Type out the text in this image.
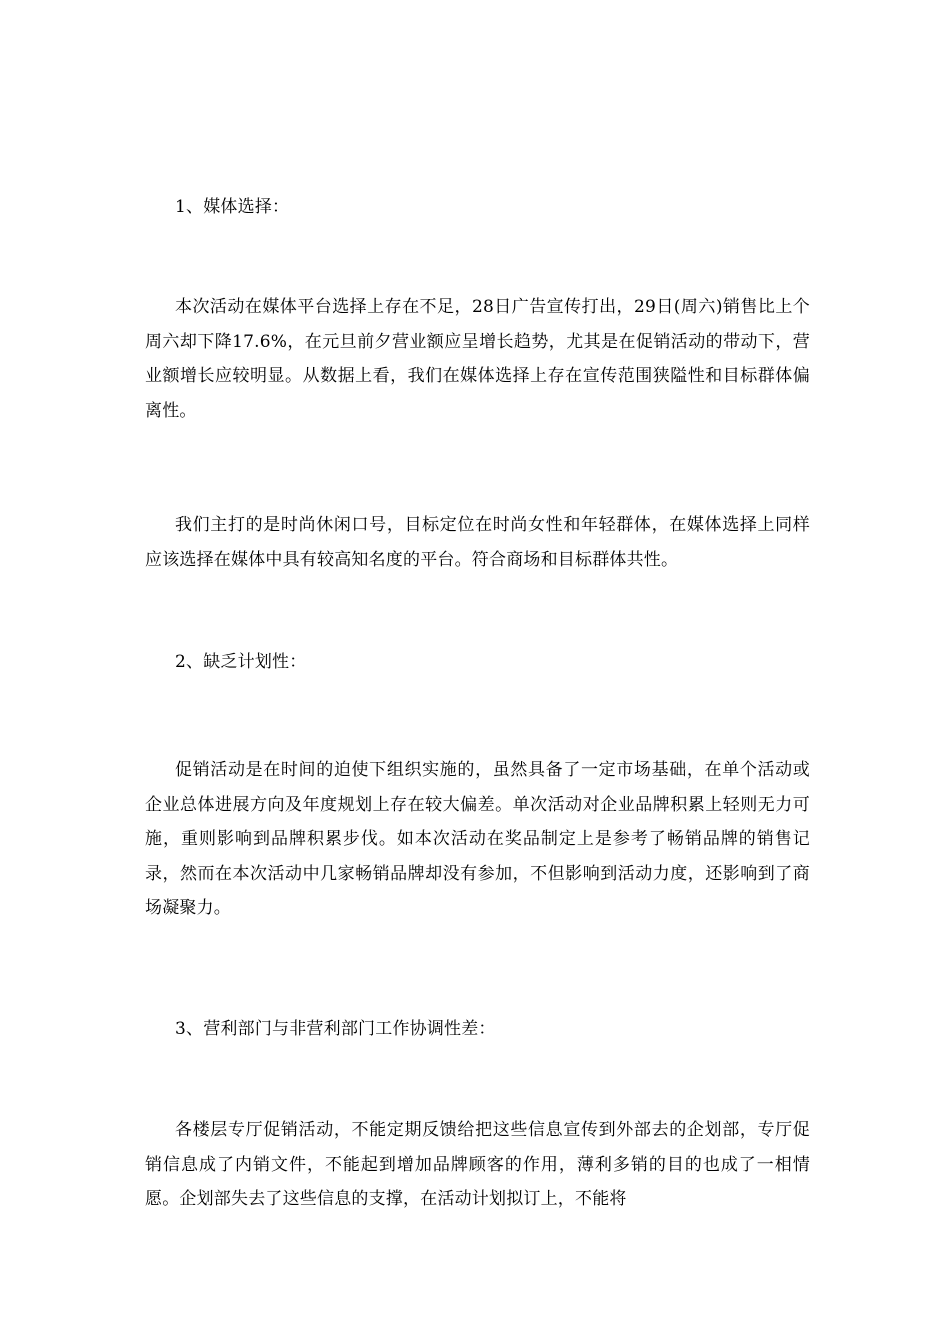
1、媒体选择：

本次活动在媒体平台选择上存在不足，28日广告宣传打出，29日(周六)销售比上个周六却下降17.6%，在元旦前夕营业额应呈增长趋势，尤其是在促销活动的带动下，营业额增长应较明显。从数据上看，我们在媒体选择上存在宣传范围狭隘性和目标群体偏离性。

我们主打的是时尚休闲口号，目标定位在时尚女性和年轻群体，在媒体选择上同样应该选择在媒体中具有较高知名度的平台。符合商场和目标群体共性。

2、缺乏计划性：

促销活动是在时间的迫使下组织实施的，虽然具备了一定市场基础，在单个活动或企业总体进展方向及年度规划上存在较大偏差。单次活动对企业品牌积累上轻则无力可施，重则影响到品牌积累步伐。如本次活动在奖品制定上是参考了畅销品牌的销售记录，然而在本次活动中几家畅销品牌却没有参加，不但影响到活动力度，还影响到了商场凝聚力。

3、营利部门与非营利部门工作协调性差：

各楼层专厅促销活动，不能定期反馈给把这些信息宣传到外部去的企划部，专厅促销信息成了内销文件，不能起到增加品牌顾客的作用，薄利多销的目的也成了一相情愿。企划部失去了这些信息的支撑，在活动计划拟订上，不能将
